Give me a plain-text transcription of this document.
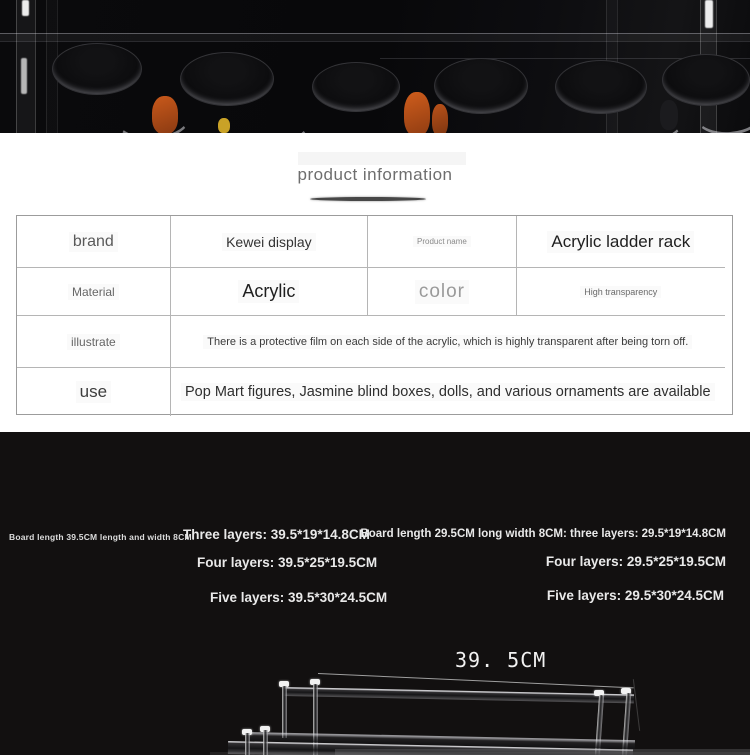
product information
brand	Kewei display	Product name	Acrylic ladder rack
Material	Acrylic	color	High transparency
illustrate	There is a protective film on each side of the acrylic, which is highly transparent after being torn off.
use	Pop Mart figures, Jasmine blind boxes, dolls, and various ornaments are available
Board length 39.5CM length and width 8CM:
Three layers: 39.5*19*14.8CM
Four layers: 39.5*25*19.5CM
Five layers: 39.5*30*24.5CM
Board length 29.5CM long width 8CM: three layers: 29.5*19*14.8CM
Four layers: 29.5*25*19.5CM
Five layers: 29.5*30*24.5CM
39. 5CM
